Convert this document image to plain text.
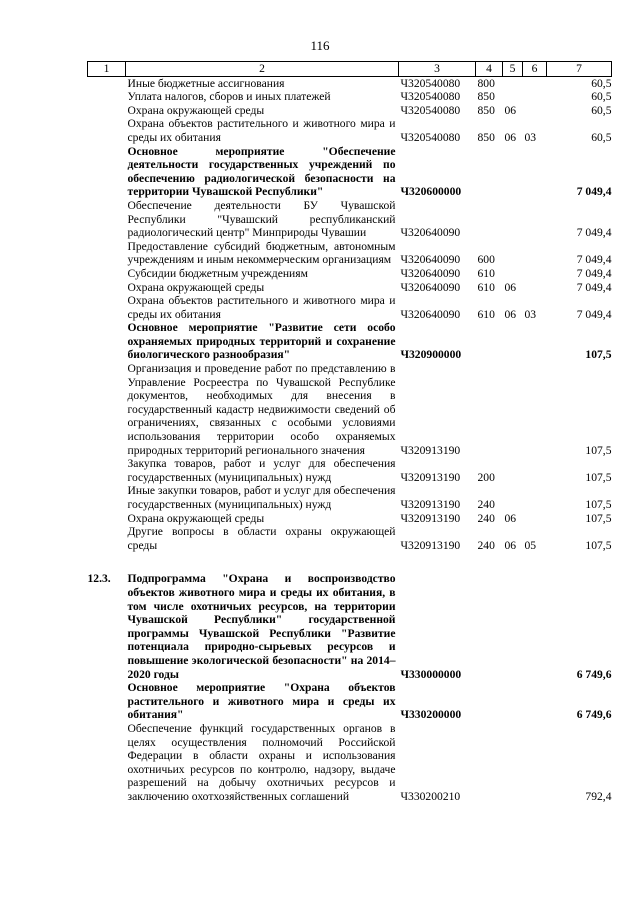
116
1	2	3	4	5	6	7
	Иные бюджетные ассигнования	Ч320540080	800			60,5
	Уплата налогов, сборов и иных платежей	Ч320540080	850			60,5
	Охрана окружающей среды	Ч320540080	850	06		60,5
	Охрана объектов растительного и животного мира и среды их обитания	Ч320540080	850	06	03	60,5
	Основное мероприятие "Обеспечение деятельности государственных учреждений по обеспечению радиологической безопасности на территории Чувашской Республики"	Ч320600000				7 049,4
	Обеспечение деятельности БУ Чувашской Республики "Чувашский республиканский радиологический центр" Минприроды Чувашии	Ч320640090				7 049,4
	Предоставление субсидий бюджетным, автономным учреждениям и иным некоммерческим организациям	Ч320640090	600			7 049,4
	Субсидии бюджетным учреждениям	Ч320640090	610			7 049,4
	Охрана окружающей среды	Ч320640090	610	06		7 049,4
	Охрана объектов растительного и животного мира и среды их обитания	Ч320640090	610	06	03	7 049,4
	Основное мероприятие "Развитие сети особо охраняемых природных территорий и сохранение биологического разнообразия"	Ч320900000				107,5
	Организация и проведение работ по представлению в Управление Росреестра по Чувашской Республике документов, необходимых для внесения в государственный кадастр недвижимости сведений об ограничениях, связанных с особыми условиями использования территории особо охраняемых природных территорий регионального значения	Ч320913190				107,5
	Закупка товаров, работ и услуг для обеспечения государственных (муниципальных) нужд	Ч320913190	200			107,5
	Иные закупки товаров, работ и услуг для обеспечения государственных (муниципальных) нужд	Ч320913190	240			107,5
	Охрана окружающей среды	Ч320913190	240	06		107,5
	Другие вопросы в области охраны окружающей среды	Ч320913190	240	06	05	107,5

12.3.	Подпрограмма "Охрана и воспроизводство объектов животного мира и среды их обитания, в том числе охотничьих ресурсов, на территории Чувашской Республики" государственной программы Чувашской Республики "Развитие потенциала природно-сырьевых ресурсов и повышение экологической безопасности" на 2014–2020 годы	Ч330000000				6 749,6
	Основное мероприятие "Охрана объектов растительного и животного мира и среды их обитания"	Ч330200000				6 749,6
	Обеспечение функций государственных органов в целях осуществления полномочий Российской Федерации в области охраны и использования охотничьих ресурсов по контролю, надзору, выдаче разрешений на добычу охотничьих ресурсов и заключению охотхозяйственных соглашений	Ч330200210				792,4
